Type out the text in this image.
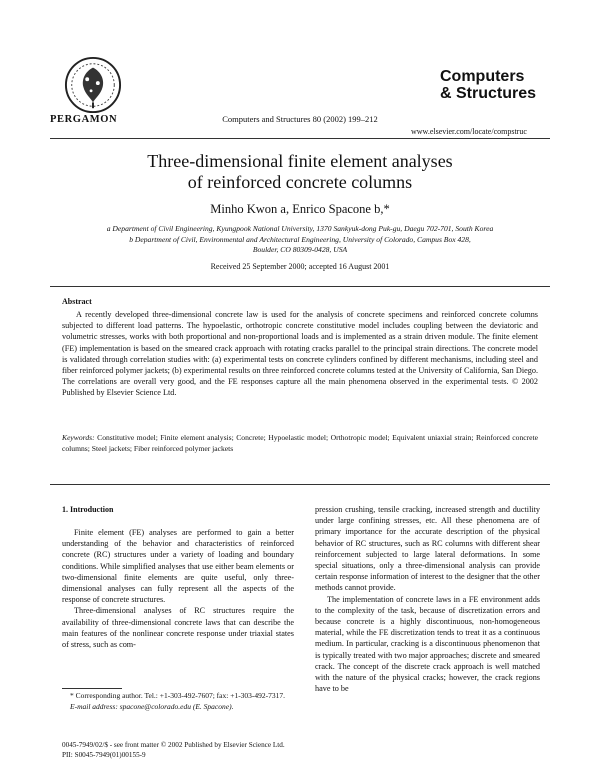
PERGAMON	Computers and Structures 80 (2002) 199–212
Computers
& Structures
www.elsevier.com/locate/compstruc
Three-dimensional finite element analyses
of reinforced concrete columns
Minho Kwon a, Enrico Spacone b,*
a Department of Civil Engineering, Kyungpook National University, 1370 Sankyuk-dong Puk-gu, Daegu 702-701, South Korea
b Department of Civil, Environmental and Architectural Engineering, University of Colorado, Campus Box 428,
Boulder, CO 80309-0428, USA
Received 25 September 2000; accepted 16 August 2001
Abstract
A recently developed three-dimensional concrete law is used for the analysis of concrete specimens and reinforced concrete columns subjected to different load patterns. The hypoelastic, orthotropic concrete constitutive model includes coupling between the deviatoric and volumetric stresses, works with both proportional and non-proportional loads and is implemented as a strain driven module. The finite element (FE) implementation is based on the smeared crack approach with rotating cracks parallel to the principal strain directions. The concrete model is validated through correlation studies with: (a) experimental tests on concrete cylinders confined by different mechanisms, including steel and fiber reinforced polymer jackets; (b) experimental results on three reinforced concrete columns tested at the University of California, San Diego. The correlations are overall very good, and the FE responses capture all the main phenomena observed in the experimental tests. © 2002 Published by Elsevier Science Ltd.
Keywords: Constitutive model; Finite element analysis; Concrete; Hypoelastic model; Orthotropic model; Equivalent uniaxial strain; Reinforced concrete columns; Steel jackets; Fiber reinforced polymer jackets
1. Introduction

Finite element (FE) analyses are performed to gain a better understanding of the behavior and characteristics of reinforced concrete (RC) structures under a variety of loading and boundary conditions. While simplified analyses that use either beam elements or two-dimensional finite elements are quite useful, only three-dimensional analyses can fully represent all the aspects of the response of concrete structures.

Three-dimensional analyses of RC structures require the availability of three-dimensional concrete laws that can describe the main features of the nonlinear concrete response under triaxial states of stress, such as com-

pression crushing, tensile cracking, increased strength and ductility under large confining stresses, etc. All these phenomena are of primary importance for the accurate description of the physical behavior of RC structures, such as RC columns with different shear reinforcement subjected to large lateral deformations. In some special situations, only a three-dimensional analysis can provide certain response information of interest to the designer that the other methods cannot provide.

The implementation of concrete laws in a FE environment adds to the complexity of the task, because of discretization errors and because concrete is a highly discontinuous, non-homogeneous material, while the FE discretization tends to treat it as a continuous medium. In particular, cracking is a discontinuous phenomenon that is typically treated with two major approaches; discrete and smeared crack. The concept of the discrete crack approach is well matched with the nature of the physical cracks; however, the crack regions have to be

* Corresponding author. Tel.: +1-303-492-7607; fax: +1-303-492-7317.
E-mail address: spacone@colorado.edu (E. Spacone).
0045-7949/02/$ - see front matter © 2002 Published by Elsevier Science Ltd.
PII: S0045-7949(01)00155-9
